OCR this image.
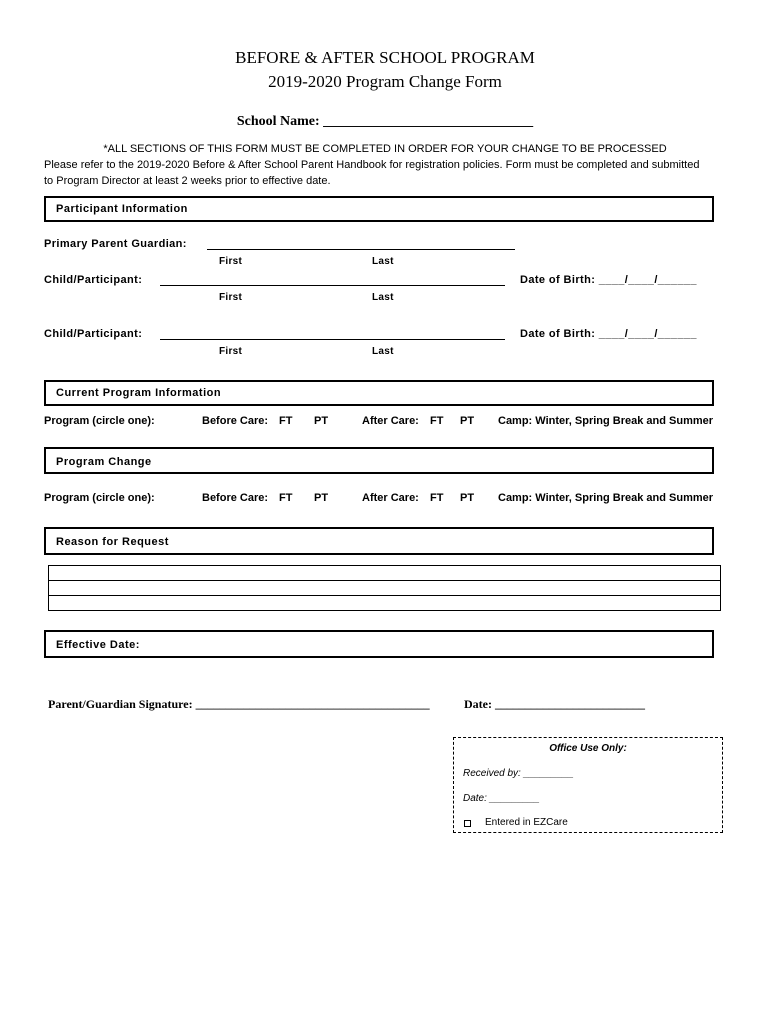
BEFORE & AFTER SCHOOL PROGRAM
2019-2020 Program Change Form
School Name: ______________________________
*ALL SECTIONS OF THIS FORM MUST BE COMPLETED IN ORDER FOR YOUR CHANGE TO BE PROCESSED
Please refer to the 2019-2020 Before & After School Parent Handbook for registration policies. Form must be completed and submitted
to Program Director at least 2 weeks prior to effective date.
Participant Information
Primary Parent Guardian:
First	Last
Child/Participant:	Date of Birth: ____/____/______
First	Last
Child/Participant:	Date of Birth: ____/____/______
First	Last
Current Program Information
Program (circle one):	Before Care: FT PT	After Care: FT PT Camp: Winter, Spring Break and Summer
Program Change
Program (circle one):	Before Care: FT PT	After Care: FT PT Camp: Winter, Spring Break and Summer
Reason for Request
Effective Date:
Parent/Guardian Signature: _______________________________________	Date: _________________________
Office Use Only:
Received by: _________
Date: _________
Entered in EZCare
